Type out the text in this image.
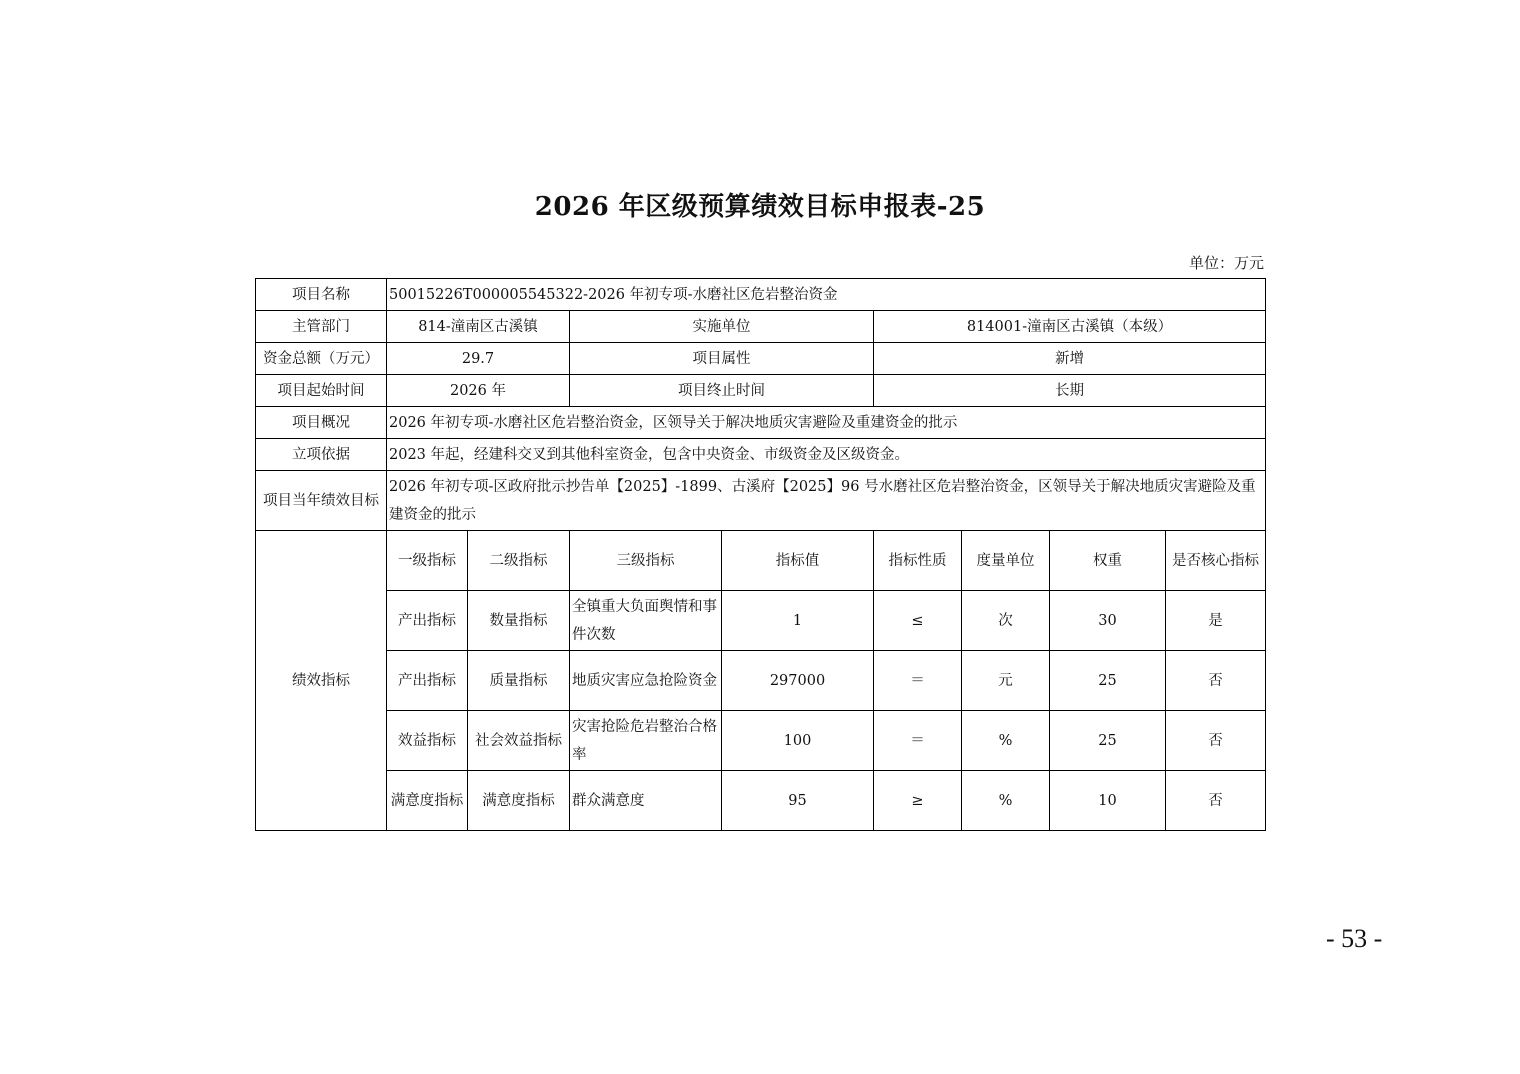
2026 年区级预算绩效目标申报表-25
单位：万元
项目名称	50015226T000005545322-2026 年初专项-水磨社区危岩整治资金							
主管部门	814-潼南区古溪镇		实施单位		814001-潼南区古溪镇（本级）			
资金总额（万元）	29.7		项目属性		新增			
项目起始时间	2026 年		项目终止时间		长期			
项目概况	2026 年初专项-水磨社区危岩整治资金，区领导关于解决地质灾害避险及重建资金的批示							
立项依据	2023 年起，经建科交叉到其他科室资金，包含中央资金、市级资金及区级资金。							
项目当年绩效目标	2026 年初专项-区政府批示抄告单【2025】-1899、古溪府【2025】96 号水磨社区危岩整治资金，区领导关于解决地质灾害避险及重建资金的批示							
绩效指标	一级指标	二级指标	三级指标	指标值	指标性质	度量单位	权重	是否核心指标
	产出指标	数量指标	全镇重大负面舆情和事件次数	1	≤	次	30	是
	产出指标	质量指标	地质灾害应急抢险资金	297000	＝	元	25	否
	效益指标	社会效益指标	灾害抢险危岩整治合格率	100	＝	%	25	否
	满意度指标	满意度指标	群众满意度	95	≥	%	10	否
- 53 -
